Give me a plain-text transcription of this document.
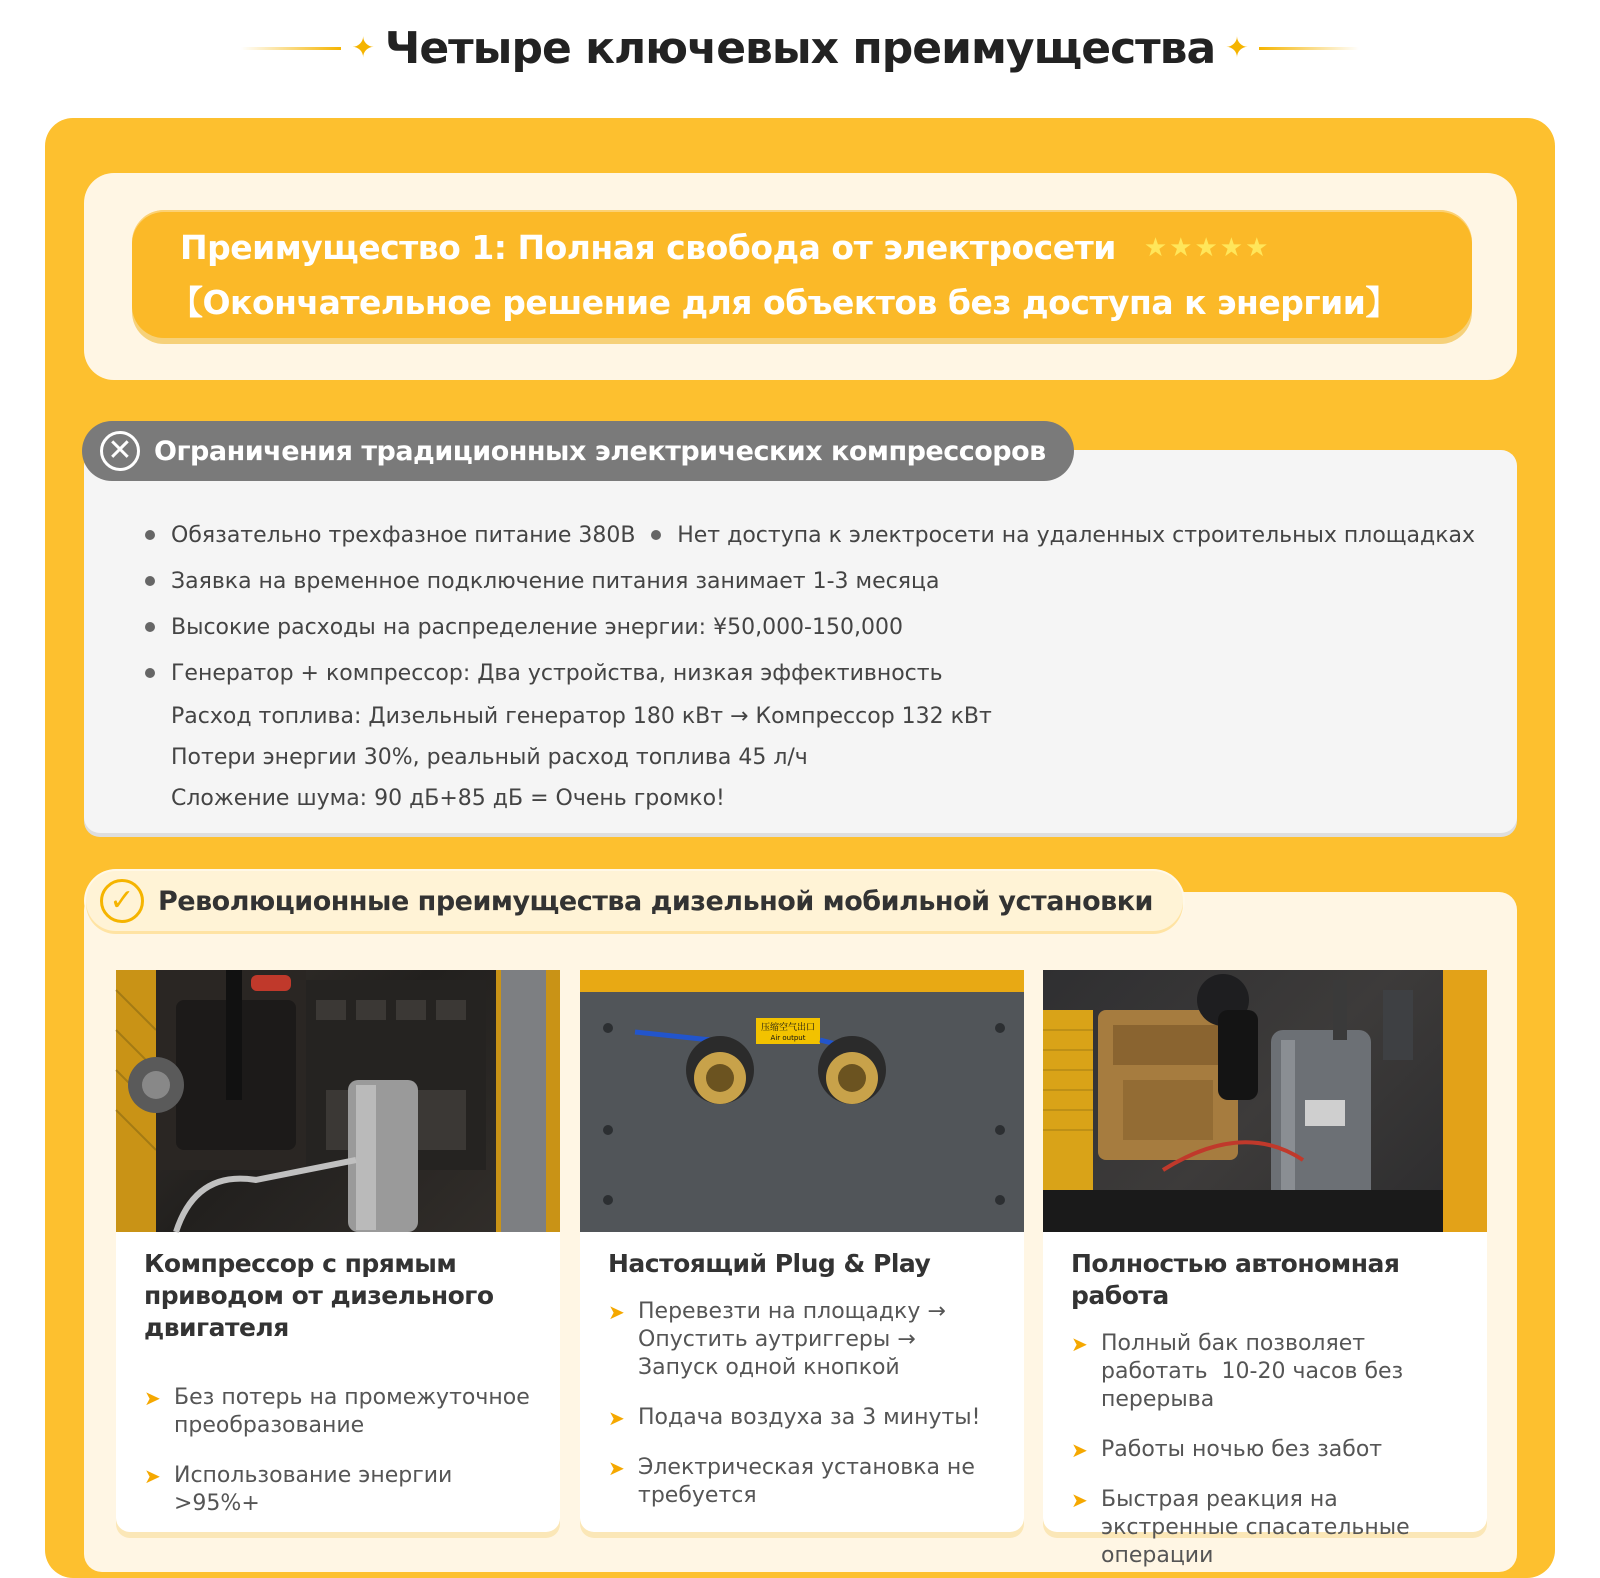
✦ Четыре ключевых преимущества ✦
Преимущество 1: Полная свобода от электросети ★★★★★
【Окончательное решение для объектов без доступа к энергии】
✕ Ограничения традиционных электрических компрессоров
Обязательно трехфазное питание 380В Нет доступа к электросети на удаленных строительных площадках
Заявка на временное подключение питания занимает 1-3 месяца
Высокие расходы на распределение энергии: ¥50,000-150,000
Генератор + компрессор: Два устройства, низкая эффективность
Расход топлива: Дизельный генератор 180 кВт → Компрессор 132 кВт
Потери энергии 30%, реальный расход топлива 45 л/ч
Сложение шума: 90 дБ+85 дБ = Очень громко!
✓ Революционные преимущества дизельной мобильной установки
Компрессор с прямым приводом от дизельного двигателя
➤ Без потерь на промежуточное преобразование
➤ Использование энергии >95%+
压缩空气出口
Air output
Настоящий Plug & Play
➤ Перевезти на площадку → Опустить аутриггеры → Запуск одной кнопкой
➤ Подача воздуха за 3 минуты!
➤ Электрическая установка не требуется
Полностью автономная работа
➤ Полный бак позволяет работать  10-20 часов без перерыва
➤ Работы ночью без забот
➤ Быстрая реакция на экстренные спасательные операции
